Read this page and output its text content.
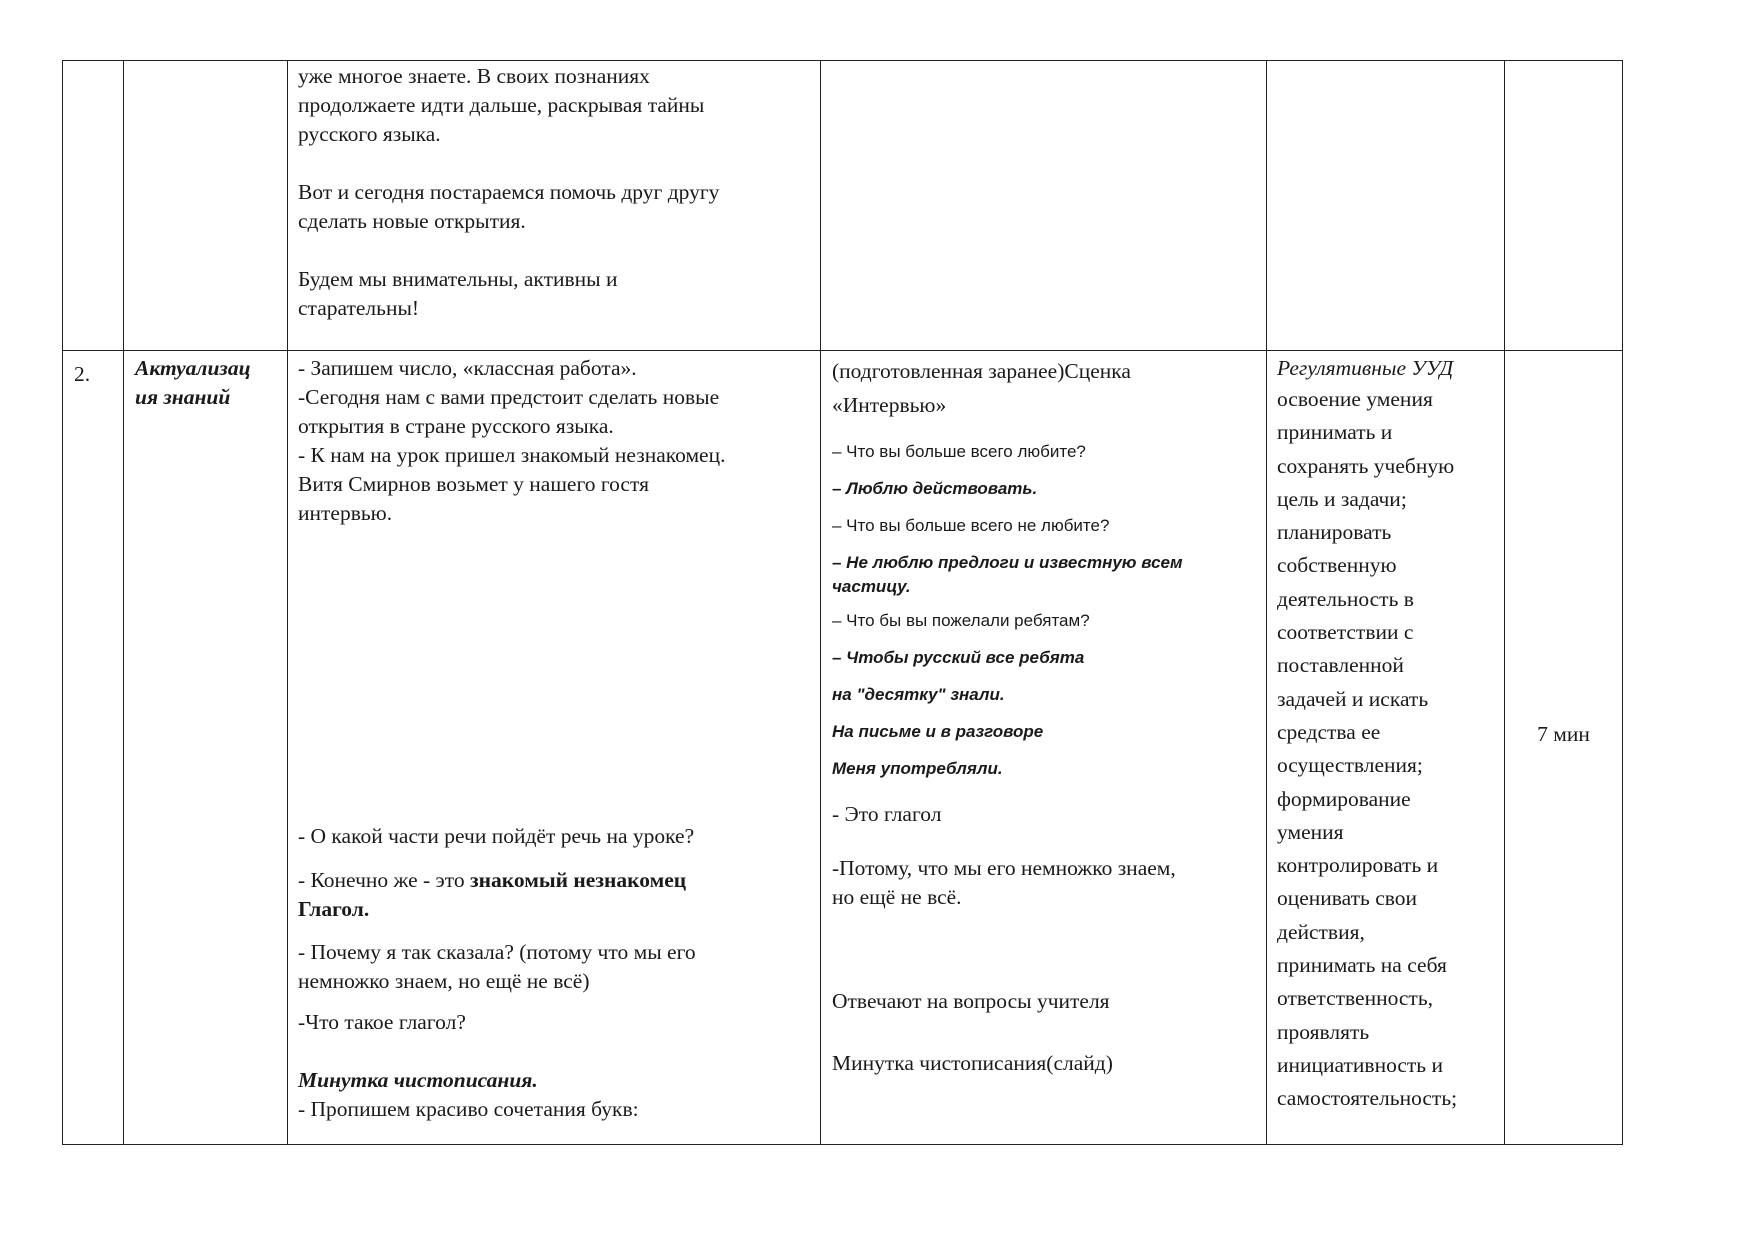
уже многое знаете. В своих познаниях

продолжаете идти дальше, раскрывая тайны

русского языка.

Вот и сегодня постараемся помочь друг другу

сделать новые открытия.

Будем мы внимательны, активны и

старательны!

2. Актуализац

ия знаний

- Запишем число, «классная работа».

-Сегодня нам с вами предстоит сделать новые

открытия в стране русского языка.

- К нам на урок пришел знакомый незнакомец.

Витя Смирнов возьмет у нашего гостя

интервью.

- О какой части речи пойдёт речь на уроке?

- Конечно же - это знакомый незнакомец

Глагол.

- Почему я так сказала? (потому что мы его

немножко знаем, но ещё не всё)

-Что такое глагол?
Минутка чистописания.
- Пропишем красиво сочетания букв:

(подготовленная заранее)Сценка

«Интервью»

– Что вы больше всего любите?
– Люблю действовать.
– Что вы больше всего не любите?
– Не люблю предлоги и известную всем
частицу.
– Что бы вы пожелали ребятам?
– Чтобы русский все ребята
на "десятку" знали.
На письме и в разговоре
Меня употребляли.
- Это глагол

-Потому, что мы его немножко знаем,

но ещё не всё.

Отвечают на вопросы учителя
Минутка чистописания(слайд)

Регулятивные УУД

освоение умения

принимать и

сохранять учебную

цель и задачи;

планировать

собственную

деятельность в

соответствии с

поставленной

задачей и искать

средства ее

осуществления;

формирование

умения

контролировать и

оценивать свои

действия,

принимать на себя

ответственность,

проявлять

инициативность и

самостоятельность;

7 мин
